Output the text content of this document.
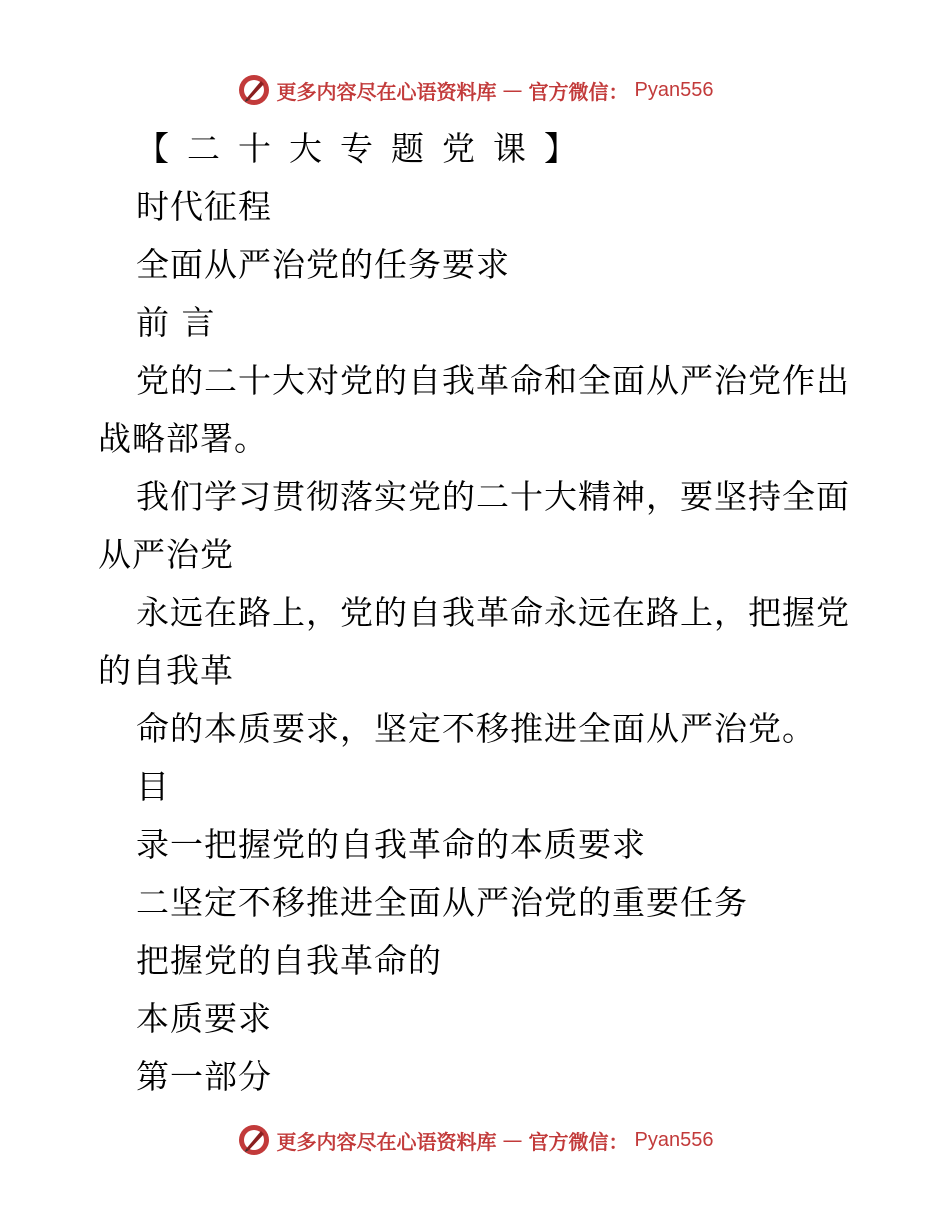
更多内容尽在心语资料库 — 官方微信： Pyan556
【二十大专题党课】
时代征程
全面从严治党的任务要求
前 言
党的二十大对党的自我革命和全面从严治党作出
战略部署。
我们学习贯彻落实党的二十大精神，要坚持全面
从严治党
永远在路上，党的自我革命永远在路上，把握党
的自我革
命的本质要求，坚定不移推进全面从严治党。
目
录一把握党的自我革命的本质要求
二坚定不移推进全面从严治党的重要任务
把握党的自我革命的
本质要求
第一部分
更多内容尽在心语资料库 — 官方微信： Pyan556
